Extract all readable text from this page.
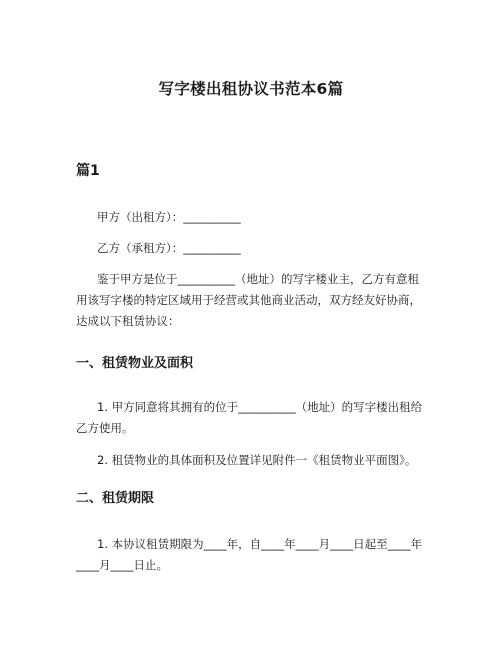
写字楼出租协议书范本6篇
篇1
甲方（出租方）：__________
乙方（承租方）：__________
鉴于甲方是位于__________（地址）的写字楼业主，乙方有意租用该写字楼的特定区域用于经营或其他商业活动，双方经友好协商，达成以下租赁协议：
一、租赁物业及面积
1. 甲方同意将其拥有的位于__________（地址）的写字楼出租给乙方使用。
2. 租赁物业的具体面积及位置详见附件一《租赁物业平面图》。
二、租赁期限
1. 本协议租赁期限为____年，自____年____月____日起至____年____月____日止。
